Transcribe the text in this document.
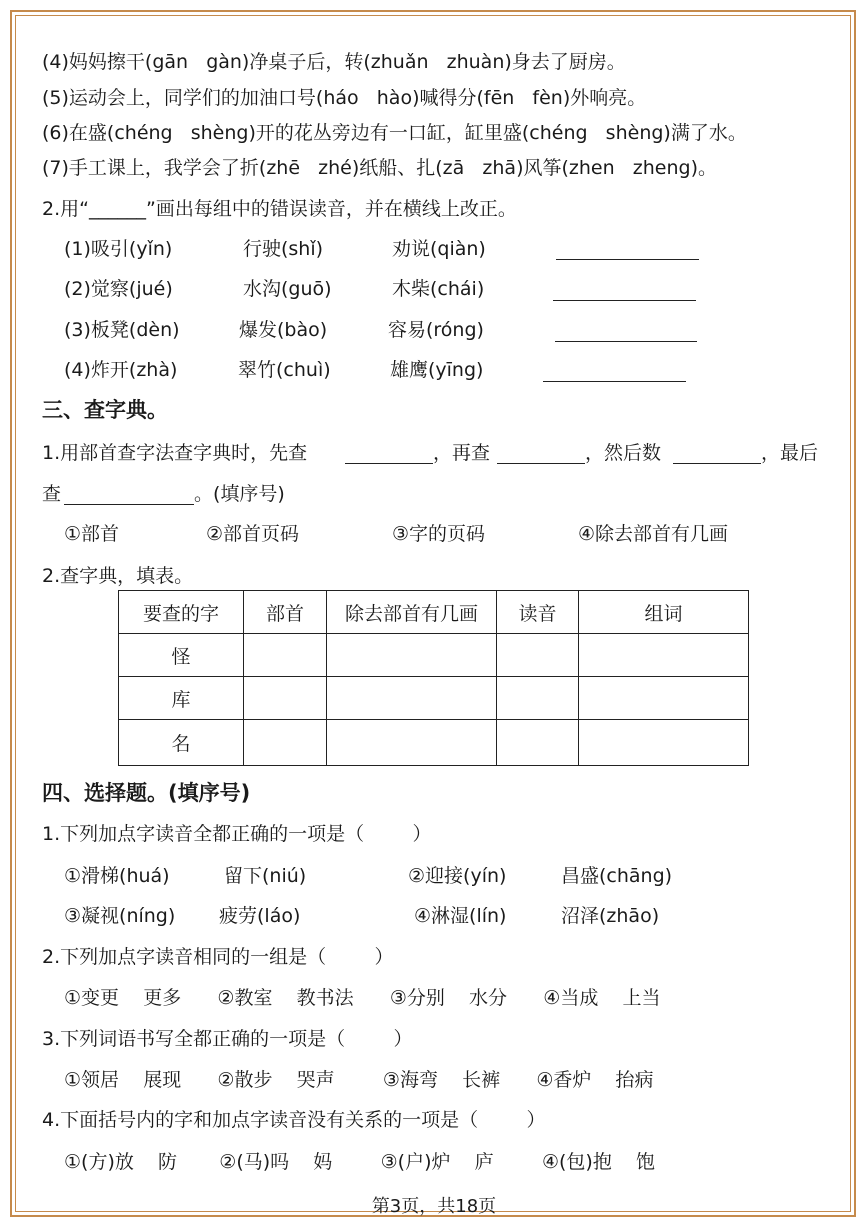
(4)妈妈擦干(gān   gàn)净桌子后，转(zhuǎn   zhuàn)身去了厨房。
(5)运动会上，同学们的加油口号(háo   hào)喊得分(fēn   fèn)外响亮。
(6)在盛(chéng   shèng)开的花丛旁边有一口缸，缸里盛(chéng   shèng)满了水。
(7)手工课上，我学会了折(zhē   zhé)纸船、扎(zā   zhā)风筝(zhen   zheng)。
2.用“______”画出每组中的错误读音，并在横线上改正。
(1)吸引(yǐn)	行驶(shǐ)	劝说(qiàn)
(2)觉察(jué)	水沟(guō)	木柴(chái)
(3)板凳(dèn)	爆发(bào)	容易(róng)
(4)炸开(zhà)	翠竹(chuì)	雄鹰(yīng)
三、查字典。
1.用部首查字法查字典时，先查	，再查	，然后数	，最后
查	。(填序号)
①部首	②部首页码	③字的页码	④除去部首有几画
2.查字典，填表。
要查的字	部首	除去部首有几画	读音	组词
怪				
库				
名				
四、选择题。(填序号)
1.下列加点字读音全都正确的一项是（        ）
①滑梯(huá)	留下(niú)	②迎接(yín)	昌盛(chāng)
③凝视(níng) 疲劳(láo)	④淋湿(lín)	沼泽(zhāo)
2.下列加点字读音相同的一组是（        ）
①变更    更多      ②教室    教书法      ③分别    水分      ④当成    上当
3.下列词语书写全都正确的一项是（        ）
①领居    展现      ②散步    哭声        ③海弯    长裤      ④香炉    抬病
4.下面括号内的字和加点字读音没有关系的一项是（        ）
①(方)放    防       ②(马)吗    妈        ③(户)炉    庐        ④(包)抱    饱
第3页，共18页
